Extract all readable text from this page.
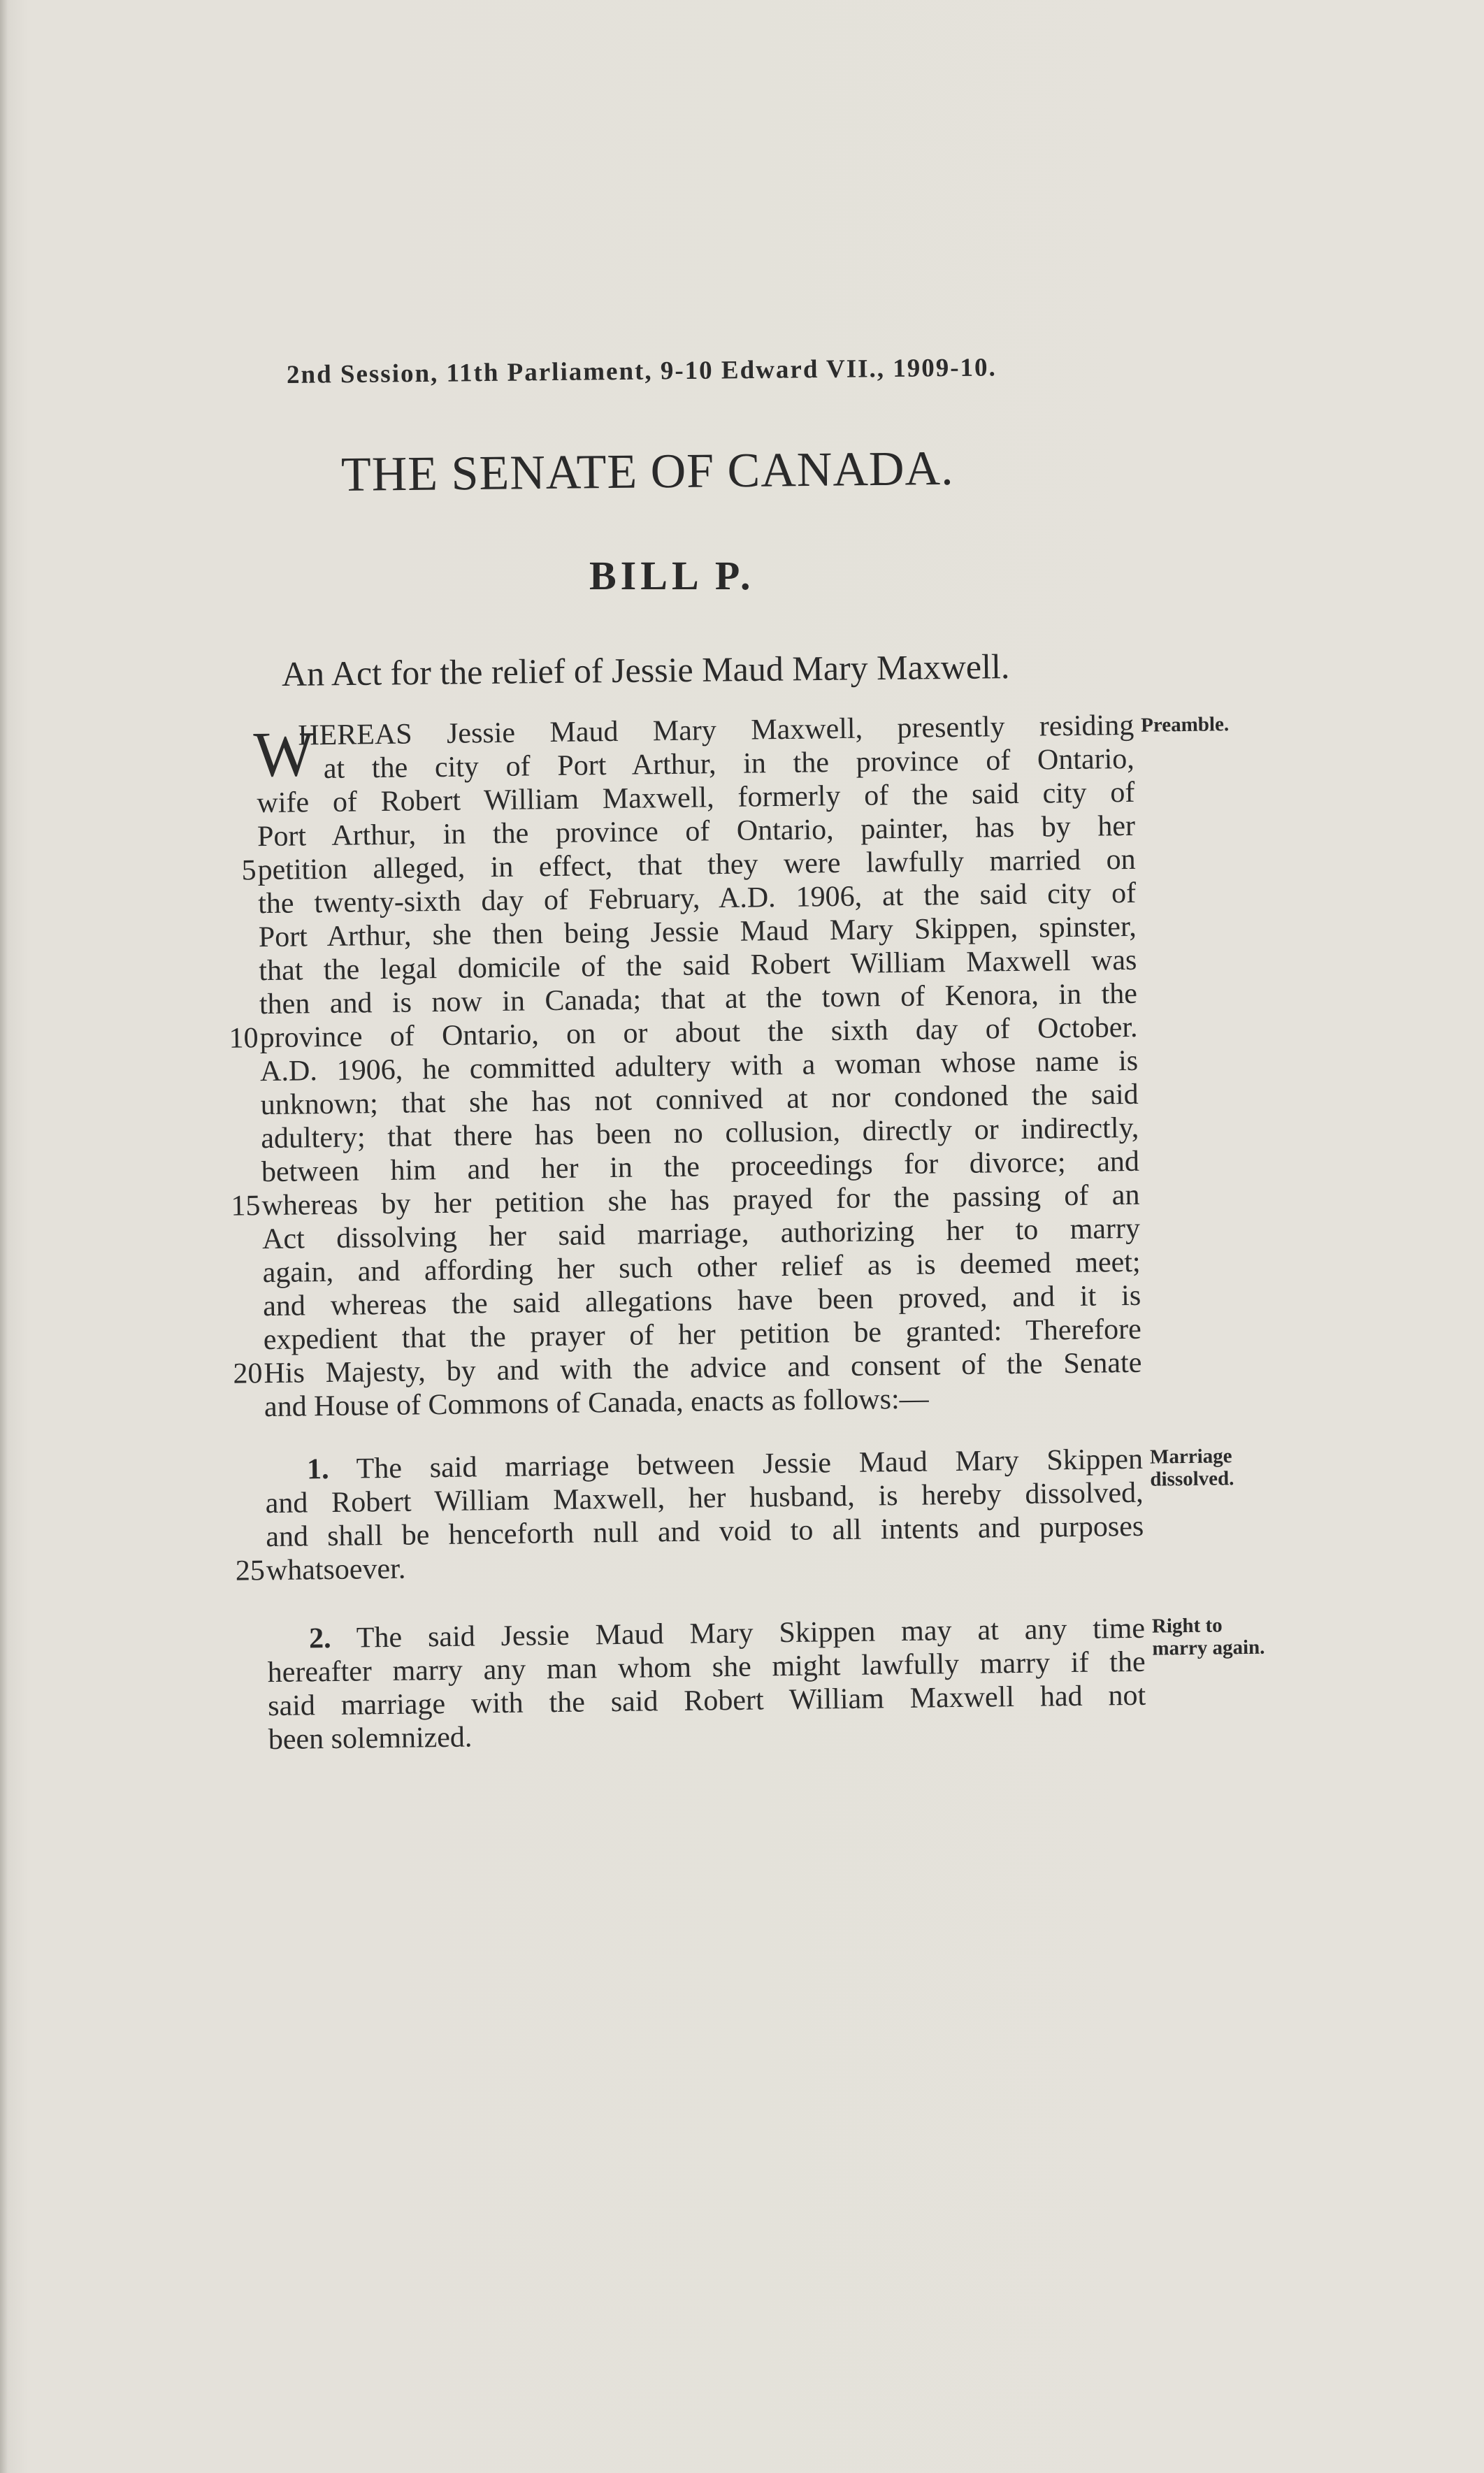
2nd Session, 11th Parliament, 9-10 Edward VII., 1909-10.
THE SENATE OF CANADA.
BILL P.
An Act for the relief of Jessie Maud Mary Maxwell.
W	Preamble.
HEREAS Jessie Maud Mary Maxwell, presently residing
at the city of Port Arthur, in the province of Ontario,
wife of Robert William Maxwell, formerly of the said city of
Port Arthur, in the province of Ontario, painter, has by her
5 petition alleged, in effect, that they were lawfully married on
the twenty-sixth day of February, A.D. 1906, at the said city of
Port Arthur, she then being Jessie Maud Mary Skippen, spinster,
that the legal domicile of the said Robert William Maxwell was
then and is now in Canada; that at the town of Kenora, in the
10 province of Ontario, on or about the sixth day of October.
A.D. 1906, he committed adultery with a woman whose name is
unknown; that she has not connived at nor condoned the said
adultery; that there has been no collusion, directly or indirectly,
between him and her in the proceedings for divorce; and
15 whereas by her petition she has prayed for the passing of an
Act dissolving her said marriage, authorizing her to marry
again, and affording her such other relief as is deemed meet;
and whereas the said allegations have been proved, and it is
expedient that the prayer of her petition be granted: Therefore
20 His Majesty, by and with the advice and consent of the Senate
and House of Commons of Canada, enacts as follows:—
Marriage
dissolved.
1. The said marriage between Jessie Maud Mary Skippen
and Robert William Maxwell, her husband, is hereby dissolved,
and shall be henceforth null and void to all intents and purposes
25 whatsoever.
Right to
marry again.
2. The said Jessie Maud Mary Skippen may at any time
hereafter marry any man whom she might lawfully marry if the
said marriage with the said Robert William Maxwell had not
been solemnized.
